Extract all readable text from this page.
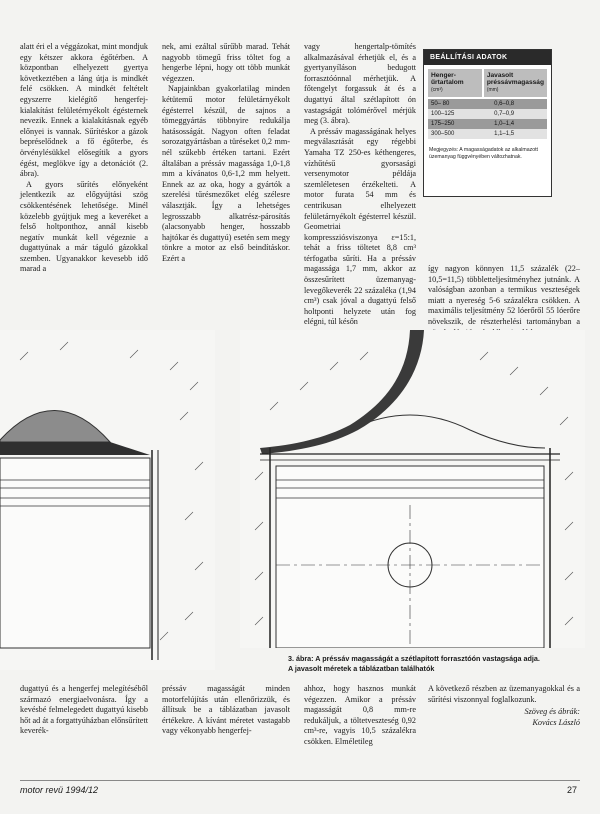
alatt éri el a véggázokat, mint mondjuk egy kétszer akkora égőtérben. A központban elhelyezett gyertya következtében a láng útja is mindkét felé csökken. A mindkét feltételt egyszerre kielégítő hengerfej-kialakítást felületérnyékolt égésternek nevezik. Ennek a kialakításnak egyéb előnyei is vannak. Sűrítéskor a gázok bepréselődnek a fő égőterbe, és örvénylésükkel elősegítik a gyors égést, meglökve így a detonációt (2. ábra).

A gyors sűrítés előnyeként jelentkezik az előgyújtási szög csökkentésének lehetősége. Minél közelebb gyújtjuk meg a keveréket a felső holtponthoz, annál kisebb negatív munkát kell végeznie a dugattyúnak a már táguló gázokkal szemben. Ugyanakkor kevesebb idő marad a

nek, ami ezáltal sűrűbb marad. Tehát nagyobb tömegű friss töltet fog a hengerbe lépni, hogy ott több munkát végezzen.

Napjainkban gyakorlatilag minden kétütemű motor felületárnyékolt égésterrel készül, de sajnos a tömeggyártás többnyire redukálja hatásosságát. Nagyon often feladat sorozatgyártásban a türéseket 0,2 mm-nél szűkebb értéken tartani. Ezért általában a préssáv magassága 1,0-1,8 mm a kívánatos 0,6-1,2 mm helyett. Ennek az az oka, hogy a gyártók a szerelési tűrésmezőket elég szélesre választják. Így a lehetséges legrosszabb alkatrész-párosítás (alacsonyabb henger, hosszabb hajtókar és dugattyú) esetén sem megy tönkre a motor az első beindításkor. Ezért a

vagy hengertalp-tömítés alkalmazásával érhetjük el, és a gyertyanyíláson bedugott forrasztóónnal mérhetjük. A főtengelyt forgassuk át és a dugattyú által szétlapított ón vastagságát tolómérővel mérjük meg (3. ábra).

A préssáv magasságának helyes megválasztását egy régebbi Yamaha TZ 250-es kéthengeres, vízhűtésű gyorsasági versenymotor példája szemléletesen érzékelteti. A motor furata 54 mm és centrikusan elhelyezett felületárnyékolt égésterrel készül. Geometriai kompressziósviszonya ε=15:1, tehát a friss töltetet 8,8 cm³ térfogatba sűríti. Ha a préssáv magassága 1,7 mm, akkor az összesűrített üzemanyag-levegőkeverék 22 százaléka (1,94 cm³) csak jóval a dugattyú felső holtponti helyzete után fog elégni, túl későn

így nagyon könnyen 11,5 százalék (22–10,5=11,5) többletteljesítményhez jutnánk. A valóságban azonban a termikus veszteségek miatt a nyereség 5-6 százalékra csökken. A maximális teljesítmény 52 lóerőről 55 lóerőre növekszik, de részterhelési tartományban a

BEÁLLÍTÁSI ADATOK
Henger-űrtartalom
(cm³)
Javasolt préssávmagasság (mm)
50– 80	0,6–0,8
100–125	0,7–0,9
175–250	1,0–1,4
300–500	1,1–1,5
Megjegyzés: A magasságadatok az alkalmazott üzemanyag függvényében változhatnak.
3. ábra: A préssáv magasságát a szétlapított forrasztóón vastagsága adja.
A javasolt méretek a táblázatban találhatók

dugattyú és a hengerfej melegítéséből származó energiaelvonásra. Így a kevésbé felmelegedett dugattyú kisebb hőt ad át a forgattyúházban előnsűrített keverék-

préssáv magasságát minden motorfelújítás után ellenőrizzük, és állítsuk be a táblázatban javasolt értékekre. A kívánt méretet vastagabb vagy vékonyabb hengerfej-

ahhoz, hogy hasznos munkát végezzen. Amikor a préssáv magasságát 0,8 mm-re redukáljuk, a töltetveszteség 0,92 cm³-re, vagyis 10,5 százalékra csökken. Elméletileg

A következő részben az üzemanyagokkal és a sűrítési viszonnyal foglalkozunk.

Szöveg és ábrák:
Kovács László
motor revü 1994/12	27
